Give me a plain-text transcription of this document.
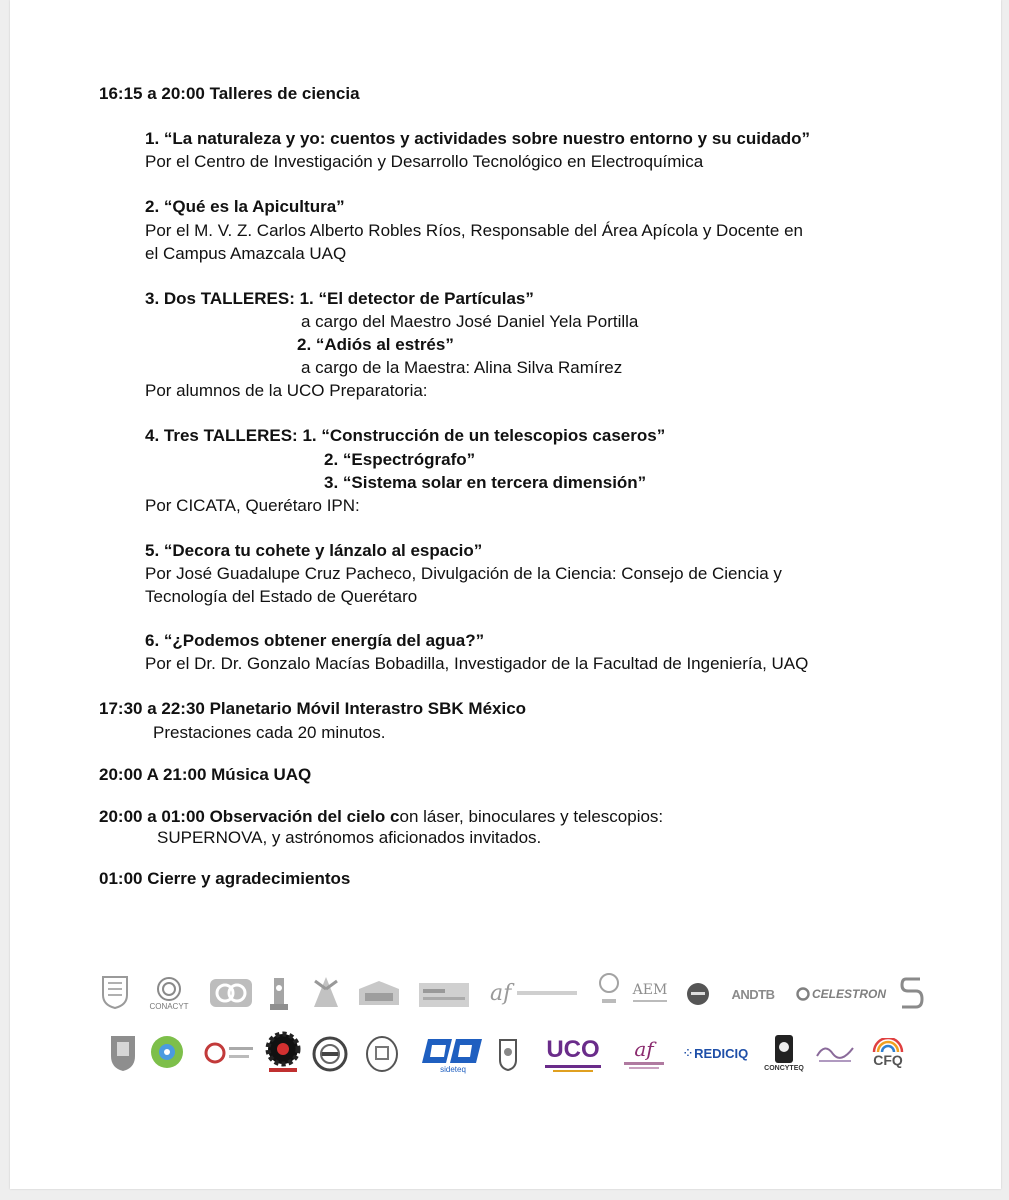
16:15 a 20:00 Talleres de ciencia
1. “La naturaleza y yo: cuentos y actividades sobre nuestro entorno y su cuidado”
Por el Centro de Investigación y Desarrollo Tecnológico en Electroquímica
2. “Qué es la Apicultura”
Por el M. V. Z. Carlos Alberto Robles Ríos, Responsable del Área Apícola y Docente en
el Campus Amazcala UAQ
3. Dos TALLERES: 1. “El detector de Partículas”
a cargo del Maestro José Daniel Yela Portilla
2. “Adiós al estrés”
a cargo de la Maestra: Alina Silva Ramírez
Por alumnos de la UCO Preparatoria:
4. Tres TALLERES: 1. “Construcción de un telescopios caseros”
2. “Espectrógrafo”
3. “Sistema solar en tercera dimensión”
Por CICATA, Querétaro IPN:
5. “Decora tu cohete y lánzalo al espacio”
Por José Guadalupe Cruz Pacheco, Divulgación de la Ciencia: Consejo de Ciencia y
Tecnología del Estado de Querétaro
6. “¿Podemos obtener energía del agua?”
Por el Dr. Dr. Gonzalo Macías Bobadilla, Investigador de la Facultad de Ingeniería, UAQ
17:30 a 22:30 Planetario Móvil Interastro SBK México
Prestaciones cada 20 minutos.
20:00 A 21:00 Música UAQ
20:00 a 01:00 Observación del cielo con láser, binoculares y telescopios:
SUPERNOVA, y astrónomos aficionados invitados.
01:00 Cierre y agradecimientos
CONACYT
af	AEM	ANDTB	CELESTRON
sideteq
UCO af	⁘ REDICIQ
CONCYTEQ	CFQ
